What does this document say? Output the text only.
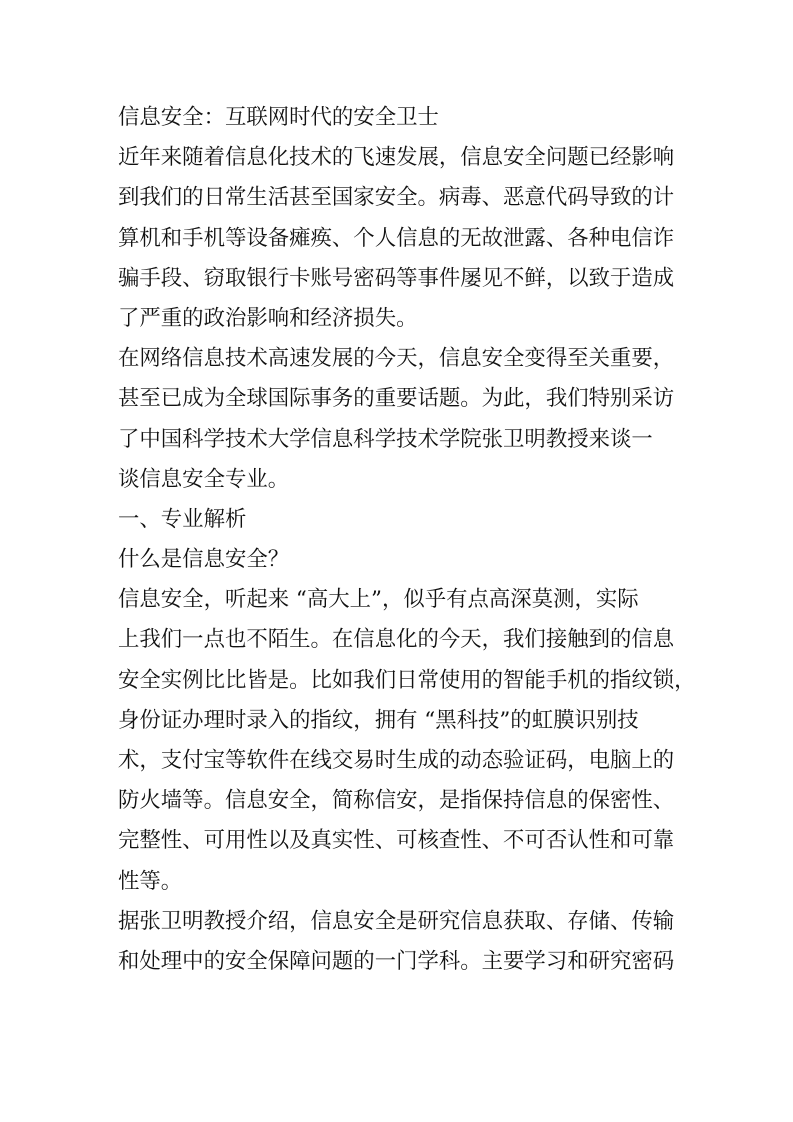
信息安全：互联网时代的安全卫士
近年来随着信息化技术的飞速发展，信息安全问题已经影响
到我们的日常生活甚至国家安全。病毒、恶意代码导致的计
算机和手机等设备瘫痪、个人信息的无故泄露、各种电信诈
骗手段、窃取银行卡账号密码等事件屡见不鲜，以致于造成
了严重的政治影响和经济损失。
在网络信息技术高速发展的今天，信息安全变得至关重要，
甚至已成为全球国际事务的重要话题。为此，我们特别采访
了中国科学技术大学信息科学技术学院张卫明教授来谈一
谈信息安全专业。
一、专业解析
什么是信息安全？
信息安全，听起来 “高大上”，似乎有点高深莫测，实际
上我们一点也不陌生。在信息化的今天，我们接触到的信息
安全实例比比皆是。比如我们日常使用的智能手机的指纹锁，
身份证办理时录入的指纹，拥有 “黑科技”的虹膜识别技
术，支付宝等软件在线交易时生成的动态验证码，电脑上的
防火墙等。信息安全，简称信安，是指保持信息的保密性、
完整性、可用性以及真实性、可核查性、不可否认性和可靠
性等。
据张卫明教授介绍，信息安全是研究信息获取、存储、传输
和处理中的安全保障问题的一门学科。主要学习和研究密码
